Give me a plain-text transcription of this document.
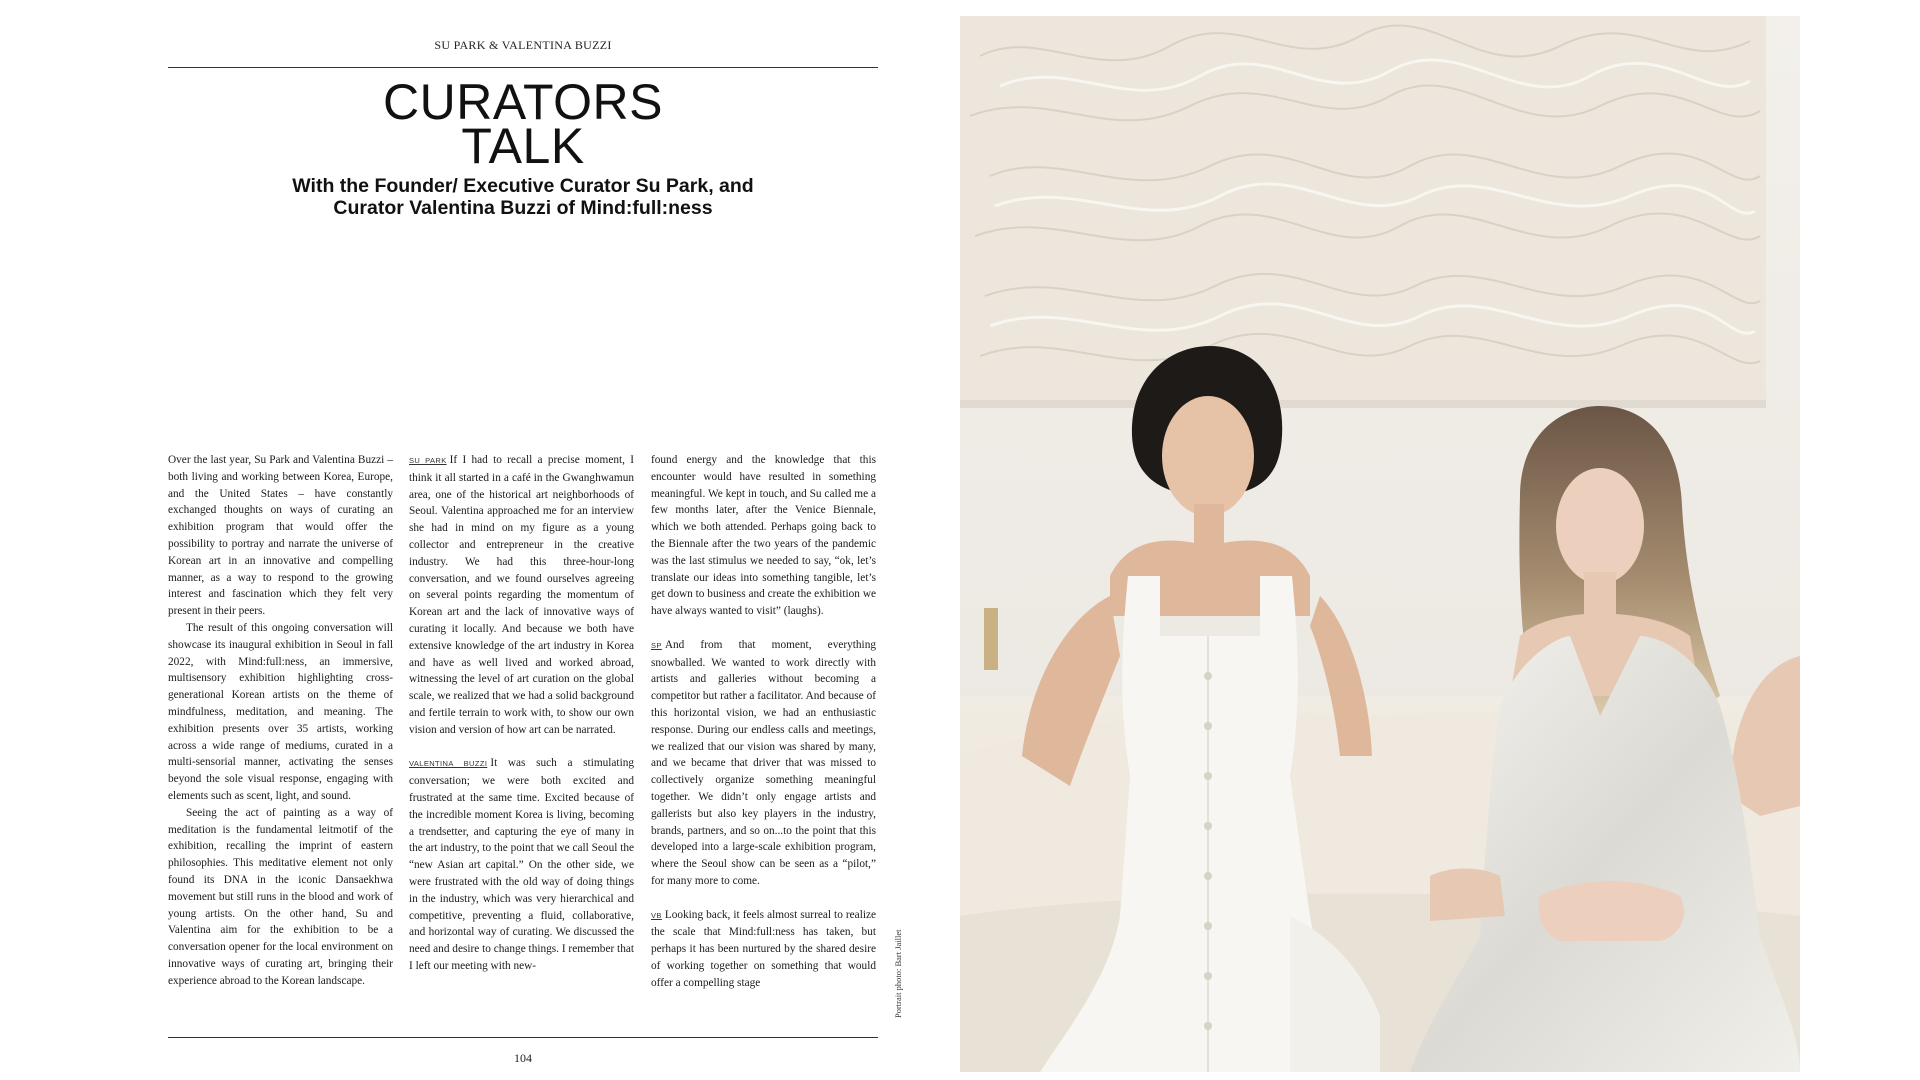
SU PARK & VALENTINA BUZZI
CURATORS
TALK
With the Founder/ Executive Curator Su Park, and
Curator Valentina Buzzi of Mind:full:ness

Over the last year, Su Park and Valentina Buzzi – both living and working between Korea, Europe, and the United States – have constantly exchanged thoughts on ways of curating an exhibition program that would offer the possibility to portray and narrate the universe of Korean art in an innovative and compelling manner, as a way to respond to the growing interest and fascination which they felt very present in their peers.

The result of this ongoing conversation will showcase its inaugural exhibition in Seoul in fall 2022, with Mind:full:ness, an immersive, multisensory exhibition highlighting cross-generational Korean artists on the theme of mindfulness, meditation, and meaning. The exhibition presents over 35 artists, working across a wide range of mediums, curated in a multi-sensorial manner, activating the senses beyond the sole visual response, engaging with elements such as scent, light, and sound.

Seeing the act of painting as a way of meditation is the fundamental leitmotif of the exhibition, recalling the imprint of eastern philosophies. This meditative element not only found its DNA in the iconic Dansaekhwa movement but still runs in the blood and work of young artists. On the other hand, Su and Valentina aim for the exhibition to be a conversation opener for the local environment on innovative ways of curating art, bringing their experience abroad to the Korean landscape.

SU PARK If I had to recall a precise moment, I think it all started in a café in the Gwanghwamun area, one of the historical art neighborhoods of Seoul. Valentina approached me for an interview she had in mind on my figure as a young collector and entrepreneur in the creative industry. We had this three-hour-long conversation, and we found ourselves agreeing on several points regarding the momentum of Korean art and the lack of innovative ways of curating it locally. And because we both have extensive knowledge of the art industry in Korea and have as well lived and worked abroad, witnessing the level of art curation on the global scale, we realized that we had a solid background and fertile terrain to work with, to show our own vision and version of how art can be narrated.

VALENTINA BUZZI It was such a stimulating conversation; we were both excited and frustrated at the same time. Excited because of the incredible moment Korea is living, becoming a trendsetter, and capturing the eye of many in the art industry, to the point that we call Seoul the “new Asian art capital.” On the other side, we were frustrated with the old way of doing things in the industry, which was very hierarchical and competitive, preventing a fluid, collaborative, and horizontal way of curating. We discussed the need and desire to change things. I remember that I left our meeting with new-

found energy and the knowledge that this encounter would have resulted in something meaningful. We kept in touch, and Su called me a few months later, after the Venice Biennale, which we both attended. Perhaps going back to the Biennale after the two years of the pandemic was the last stimulus we needed to say, “ok, let’s translate our ideas into something tangible, let’s get down to business and create the exhibition we have always wanted to visit” (laughs).

SP And from that moment, everything snowballed. We wanted to work directly with artists and galleries without becoming a competitor but rather a facilitator. And because of this horizontal vision, we had an enthusiastic response. During our endless calls and meetings, we realized that our vision was shared by many, and we became that driver that was missed to collectively organize something meaningful together. We didn’t only engage artists and gallerists but also key players in the industry, brands, partners, and so on...to the point that this developed into a large-scale exhibition program, where the Seoul show can be seen as a “pilot,” for many more to come.

VB Looking back, it feels almost surreal to realize the scale that Mind:full:ness has taken, but perhaps it has been nurtured by the shared desire of working together on something that would offer a compelling stage	Portrait photo: Bart Jaillet
104
